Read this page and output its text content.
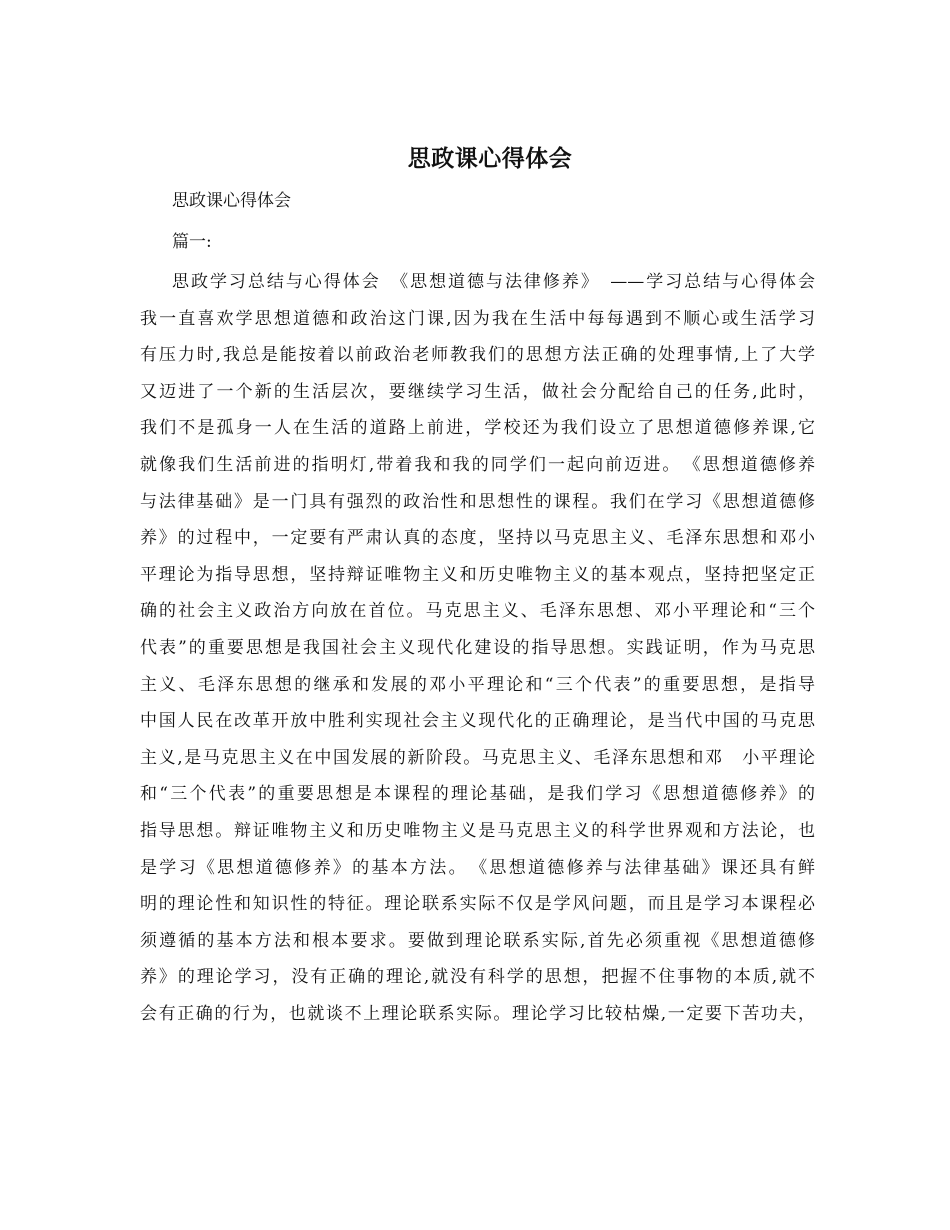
思政课心得体会
思政课心得体会
篇一:
思政学习总结与心得体会　《思想道德与法律修养》　——学习总结与心得体会
我一直喜欢学思想道德和政治这门课,因为我在生活中每每遇到不顺心或生活学习
有压力时,我总是能按着以前政治老师教我们的思想方法正确的处理事情,上了大学
又迈进了一个新的生活层次，要继续学习生活，做社会分配给自己的任务,此时，
我们不是孤身一人在生活的道路上前进，学校还为我们设立了思想道德修养课,它
就像我们生活前进的指明灯,带着我和我的同学们一起向前迈进。　《思想道德修养
与法律基础》是一门具有强烈的政治性和思想性的课程。我们在学习《思想道德修
养》的过程中，一定要有严肃认真的态度，坚持以马克思主义、毛泽东思想和邓小
平理论为指导思想，坚持辩证唯物主义和历史唯物主义的基本观点，坚持把坚定正
确的社会主义政治方向放在首位。马克思主义、毛泽东思想、邓小平理论和“三个
代表”的重要思想是我国社会主义现代化建设的指导思想。实践证明，作为马克思
主义、毛泽东思想的继承和发展的邓小平理论和“三个代表”的重要思想，是指导
中国人民在改革开放中胜利实现社会主义现代化的正确理论，是当代中国的马克思
主义,是马克思主义在中国发展的新阶段。马克思主义、毛泽东思想和邓　小平理论
和“三个代表”的重要思想是本课程的理论基础，是我们学习《思想道德修养》的
指导思想。辩证唯物主义和历史唯物主义是马克思主义的科学世界观和方法论，也
是学习《思想道德修养》的基本方法。　《思想道德修养与法律基础》课还具有鲜
明的理论性和知识性的特征。理论联系实际不仅是学风问题，而且是学习本课程必
须遵循的基本方法和根本要求。要做到理论联系实际,首先必须重视《思想道德修
养》的理论学习，没有正确的理论,就没有科学的思想，把握不住事物的本质,就不
会有正确的行为，也就谈不上理论联系实际。理论学习比较枯燥,一定要下苦功夫，
